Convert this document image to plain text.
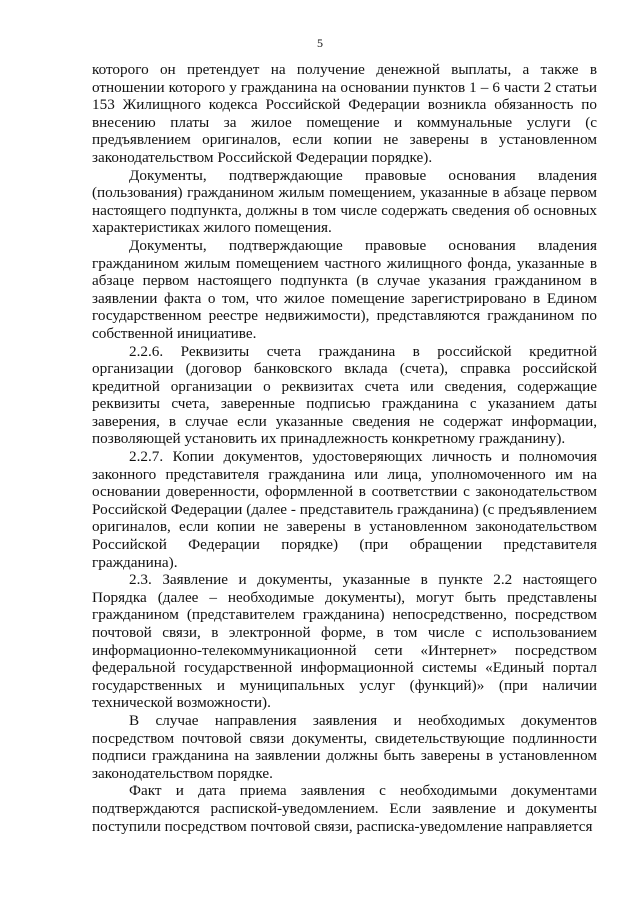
5

которого он претендует на получение денежной выплаты, а также в отношении которого у гражданина на основании пунктов 1 – 6 части 2 статьи 153 Жилищного кодекса Российской Федерации возникла обязанность по внесению платы за жилое помещение и коммунальные услуги (с предъявлением оригиналов, если копии не заверены в установленном законодательством Российской Федерации порядке).

Документы, подтверждающие правовые основания владения (пользования) гражданином жилым помещением, указанные в абзаце первом настоящего подпункта, должны в том числе содержать сведения об основных характеристиках жилого помещения.

Документы, подтверждающие правовые основания владения гражданином жилым помещением частного жилищного фонда, указанные в абзаце первом настоящего подпункта (в случае указания гражданином в заявлении факта о том, что жилое помещение зарегистрировано в Едином государственном реестре недвижимости), представляются гражданином по собственной инициативе.

2.2.6. Реквизиты счета гражданина в российской кредитной организации (договор банковского вклада (счета), справка российской кредитной организации о реквизитах счета или сведения, содержащие реквизиты счета, заверенные подписью гражданина с указанием даты заверения, в случае если указанные сведения не содержат информации, позволяющей установить их принадлежность конкретному гражданину).

2.2.7. Копии документов, удостоверяющих личность и полномочия законного представителя гражданина или лица, уполномоченного им на основании доверенности, оформленной в соответствии с законодательством Российской Федерации (далее - представитель гражданина) (с предъявлением оригиналов, если копии не заверены в установленном законодательством Российской Федерации порядке) (при обращении представителя гражданина).

2.3. Заявление и документы, указанные в пункте 2.2 настоящего Порядка (далее – необходимые документы), могут быть представлены гражданином (представителем гражданина) непосредственно, посредством почтовой связи, в электронной форме, в том числе с использованием информационно-телекоммуникационной сети «Интернет» посредством федеральной государственной информационной системы «Единый портал государственных и муниципальных услуг (функций)» (при наличии технической возможности).

В случае направления заявления и необходимых документов посредством почтовой связи документы, свидетельствующие подлинности подписи гражданина на заявлении должны быть заверены в установленном законодательством порядке.

Факт и дата приема заявления с необходимыми документами подтверждаются распиской-уведомлением. Если заявление и документы поступили посредством почтовой связи, расписка-уведомление направляется
